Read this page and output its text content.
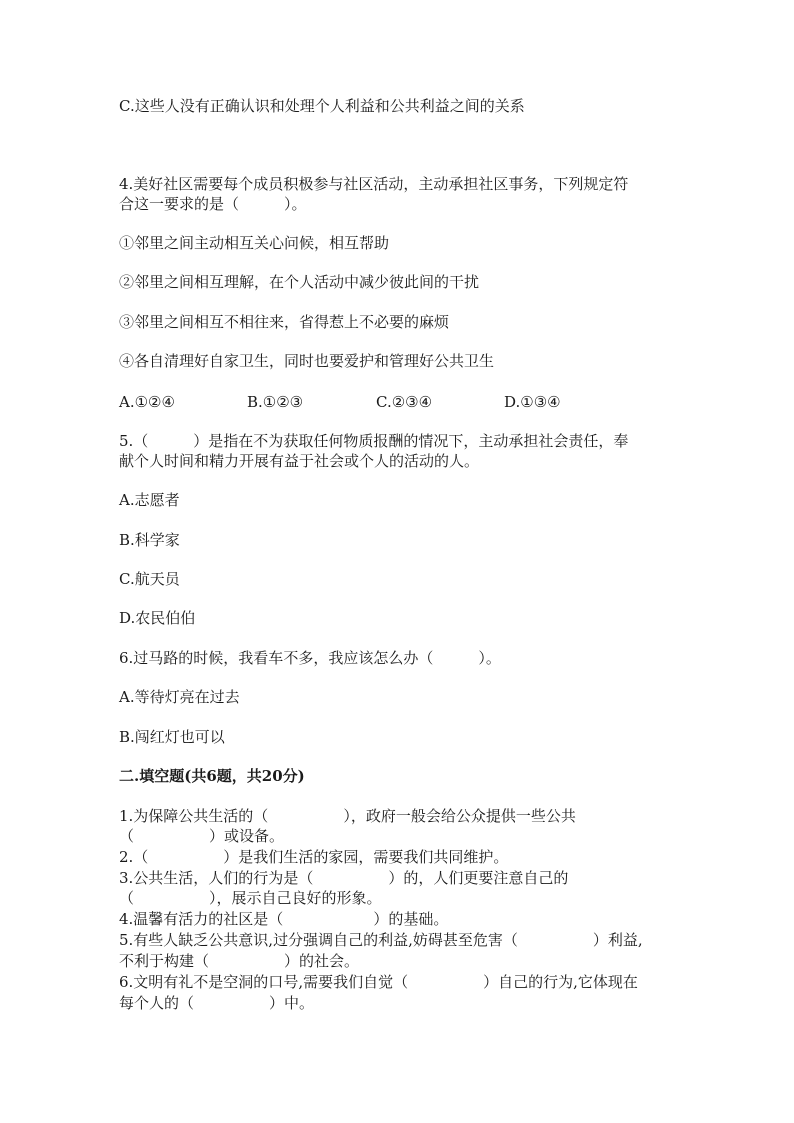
C.这些人没有正确认识和处理个人利益和公共利益之间的关系
4.美好社区需要每个成员积极参与社区活动，主动承担社区事务，下列规定符
合这一要求的是（　　　）。
①邻里之间主动相互关心问候，相互帮助
②邻里之间相互理解，在个人活动中减少彼此间的干扰
③邻里之间相互不相往来，省得惹上不必要的麻烦
④各自清理好自家卫生，同时也要爱护和管理好公共卫生
A.①②④	B.①②③	C.②③④	D.①③④
5.（　　　）是指在不为获取任何物质报酬的情况下，主动承担社会责任，奉
献个人时间和精力开展有益于社会或个人的活动的人。
A.志愿者
B.科学家
C.航天员
D.农民伯伯
6.过马路的时候，我看车不多，我应该怎么办（　　　）。
A.等待灯亮在过去
B.闯红灯也可以
二.填空题(共6题，共20分)
1.为保障公共生活的（　　　　　），政府一般会给公众提供一些公共
（　　　　　）或设备。
2.（　　　　　）是我们生活的家园，需要我们共同维护。
3.公共生活，人们的行为是（　　　　　）的，人们更要注意自己的
（　　　　　），展示自己良好的形象。
4.温馨有活力的社区是（　　　　　　）的基础。
5.有些人缺乏公共意识,过分强调自己的利益,妨碍甚至危害（　　　　　）利益,
不利于构建（　　　　　）的社会。
6.文明有礼不是空洞的口号,需要我们自觉（　　　　　）自己的行为,它体现在
每个人的（　　　　　）中。
